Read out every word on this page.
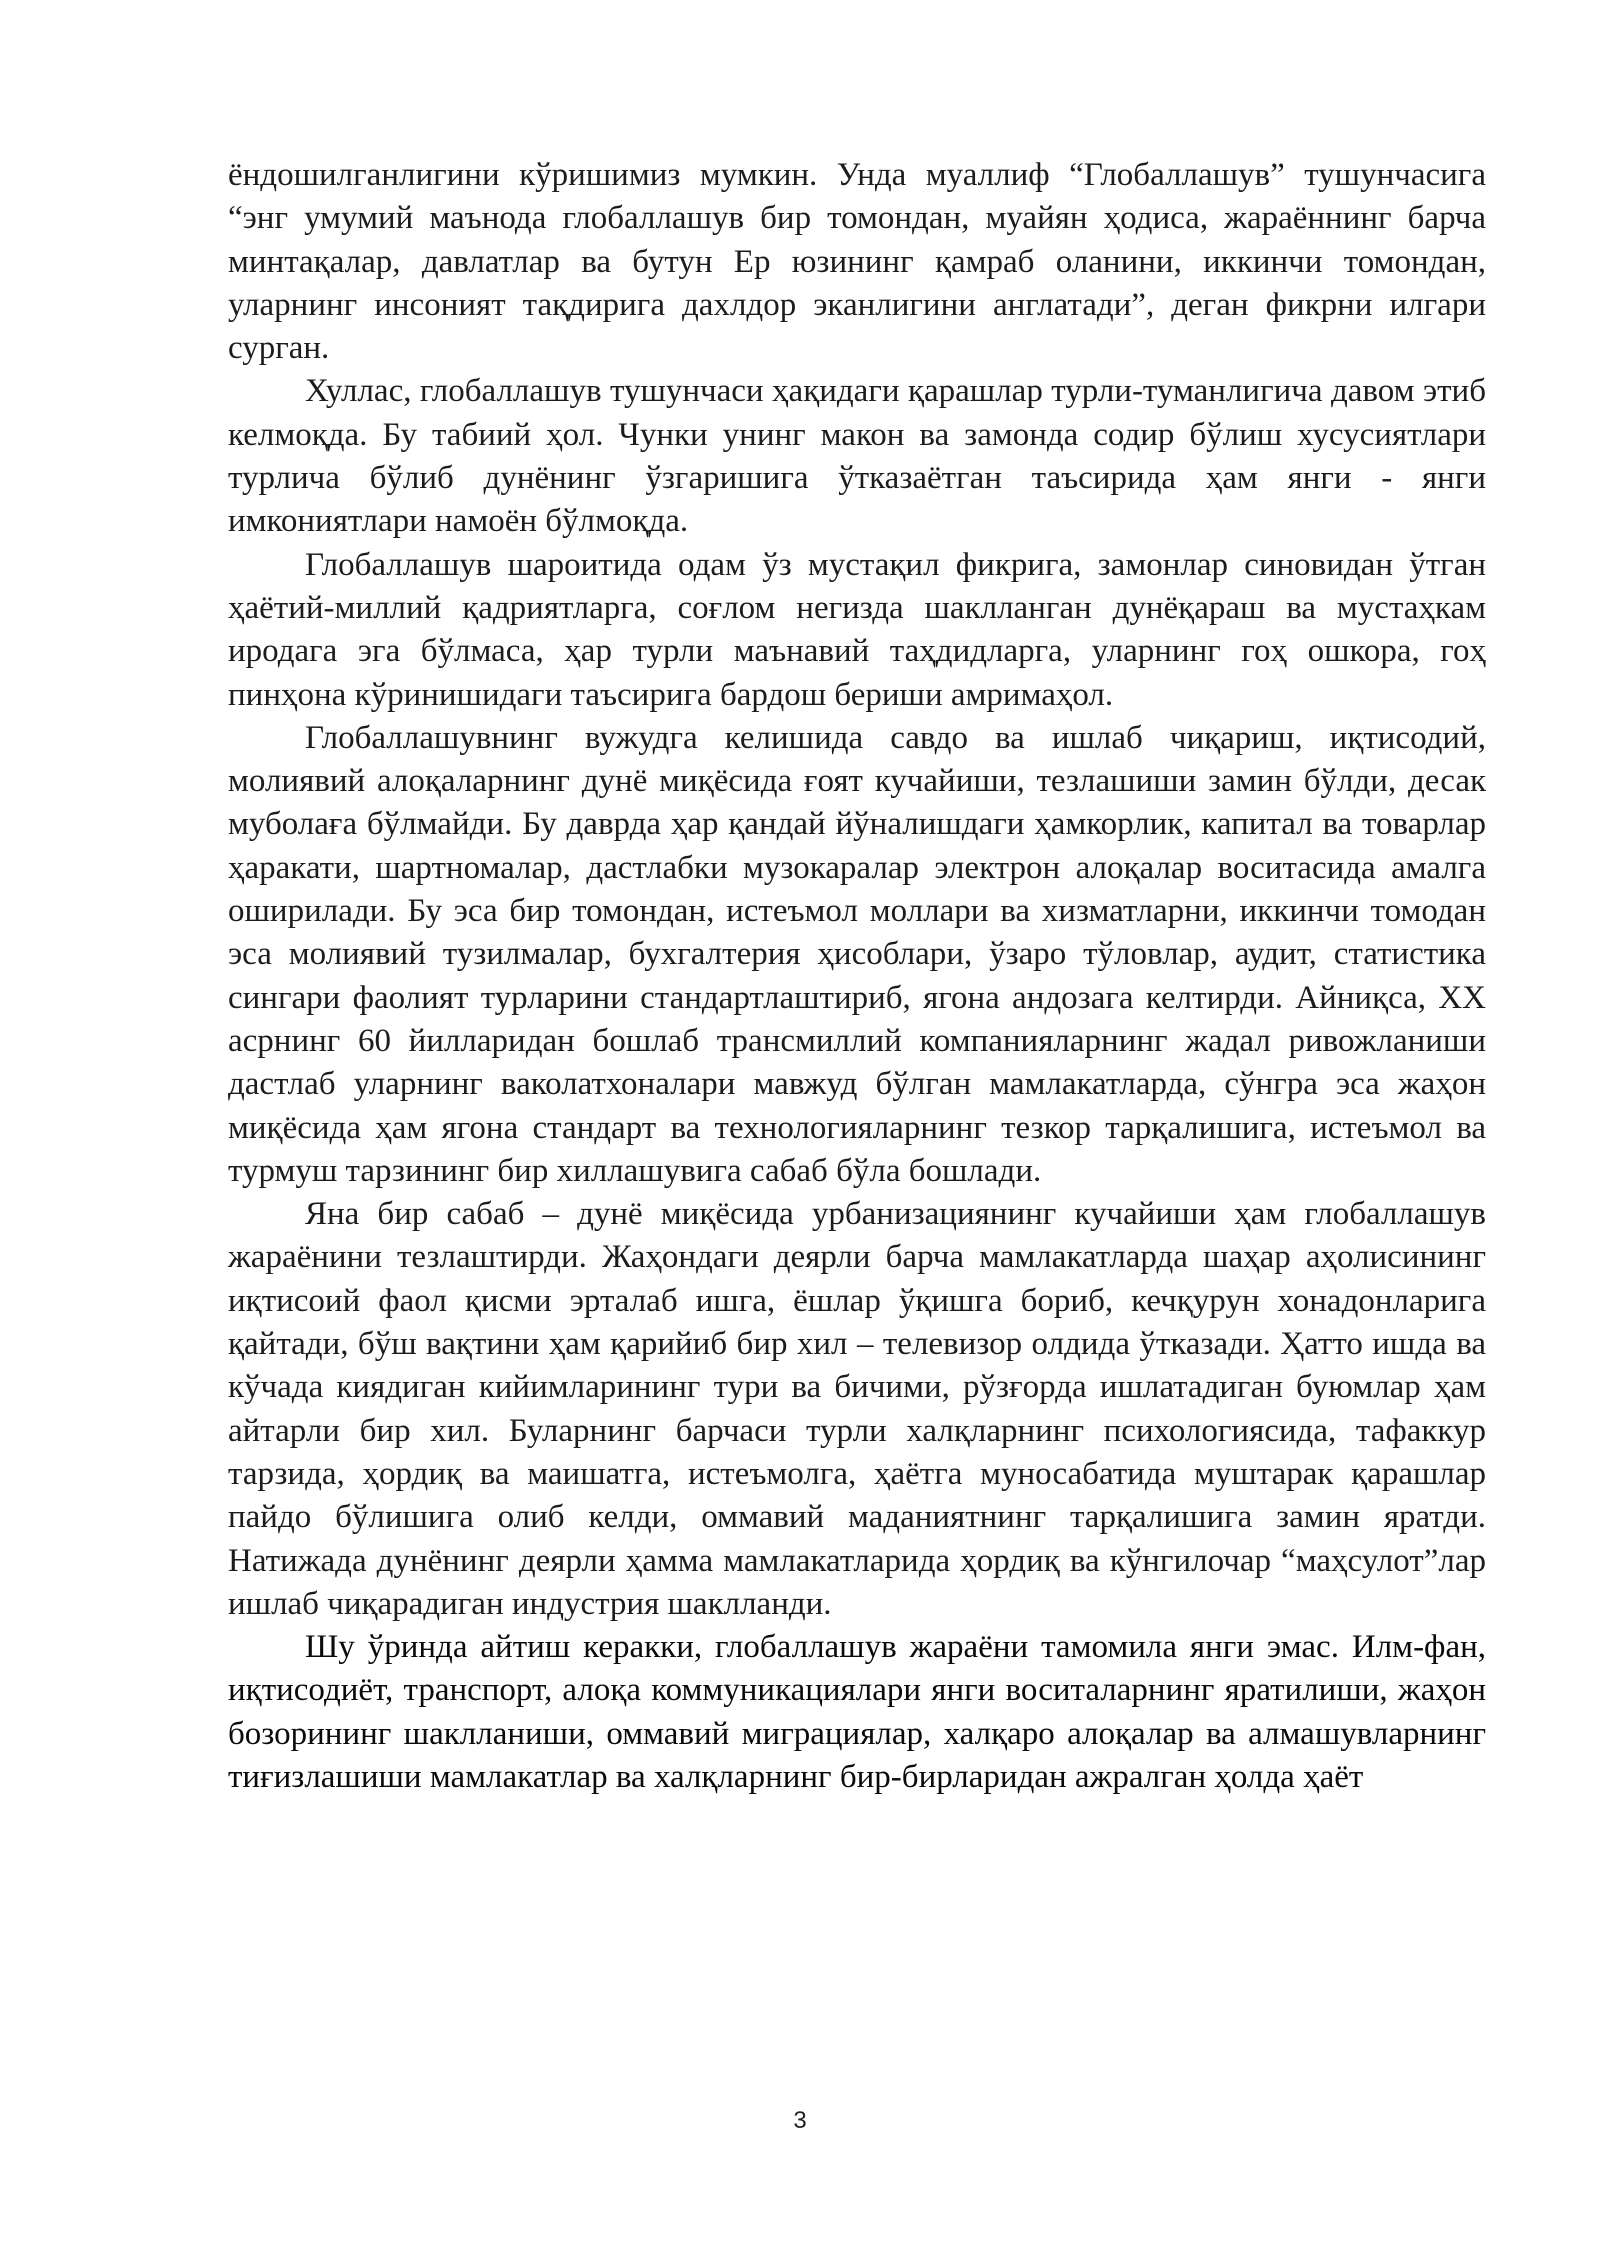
ёндошилганлигини кўришимиз мумкин. Унда муаллиф “Глобаллашув” тушунчасига “энг умумий маънода глобаллашув бир томондан, муайян ҳодиса, жараённинг барча минтақалар, давлатлар ва бутун Ер юзининг қамраб оланини, иккинчи томондан, уларнинг инсоният тақдирига дахлдор эканлигини англатади”, деган фикрни илгари сурган.

Хуллас, глобаллашув тушунчаси ҳақидаги қарашлар турли-туманлигича давом этиб келмоқда. Бу табиий ҳол. Чунки унинг макон ва замонда содир бўлиш хусусиятлари турлича бўлиб дунёнинг ўзгаришига ўтказаётган таъсирида ҳам янги - янги имкониятлари намоён бўлмоқда.

Глобаллашув шароитида одам ўз мустақил фикрига, замонлар синовидан ўтган ҳаётий-миллий қадриятларга, соғлом негизда шаклланган дунёқараш ва мустаҳкам иродага эга бўлмаса, ҳар турли маънавий таҳдидларга, уларнинг гоҳ ошкора, гоҳ пинҳона кўринишидаги таъсирига бардош бериши амримаҳол.

Глобаллашувнинг вужудга келишида савдо ва ишлаб чиқариш, иқтисодий, молиявий алоқаларнинг дунё миқёсида ғоят кучайиши, тезлашиши замин бўлди, десак муболаға бўлмайди. Бу даврда ҳар қандай йўналишдаги ҳамкорлик, капитал ва товарлар ҳаракати, шартномалар, дастлабки музокаралар электрон алоқалар воситасида амалга оширилади. Бу эса бир томондан, истеъмол моллари ва хизматларни, иккинчи томодан эса молиявий тузилмалар, бухгалтерия ҳисоблари, ўзаро тўловлар, аудит, статистика сингари фаолият турларини стандартлаштириб, ягона андозага келтирди. Айниқса, XX асрнинг 60 йилларидан бошлаб трансмиллий компанияларнинг жадал ривожланиши дастлаб уларнинг ваколатхоналари мавжуд бўлган мамлакатларда, сўнгра эса жаҳон миқёсида ҳам ягона стандарт ва технологияларнинг тезкор тарқалишига, истеъмол ва турмуш тарзининг бир хиллашувига сабаб бўла бошлади.

Яна бир сабаб – дунё миқёсида урбанизациянинг кучайиши ҳам глобаллашув жараёнини тезлаштирди. Жаҳондаги деярли барча мамлакатларда шаҳар аҳолисининг иқтисоий фаол қисми эрталаб ишга, ёшлар ўқишга бориб, кечқурун хонадонларига қайтади, бўш вақтини ҳам қарийиб бир хил – телевизор олдида ўтказади. Ҳатто ишда ва кўчада киядиган кийимларининг тури ва бичими, рўзғорда ишлатадиган буюмлар ҳам айтарли бир хил. Буларнинг барчаси турли халқларнинг психологиясида, тафаккур тарзида, ҳордиқ ва маишатга, истеъмолга, ҳаётга муносабатида муштарак қарашлар пайдо бўлишига олиб келди, оммавий маданиятнинг тарқалишига замин яратди. Натижада дунёнинг деярли ҳамма мамлакатларида ҳордиқ ва кўнгилочар “маҳсулот”лар ишлаб чиқарадиган индустрия шаклланди.

Шу ўринда айтиш керакки, глобаллашув жараёни тамомила янги эмас. Илм-фан, иқтисодиёт, транспорт, алоқа коммуникациялари янги воситаларнинг яратилиши, жаҳон бозорининг шаклланиши, оммавий миграциялар, халқаро алоқалар ва алмашувларнинг тиғизлашиши мамлакатлар ва халқларнинг бир-бирларидан ажралган ҳолда ҳаёт

3
